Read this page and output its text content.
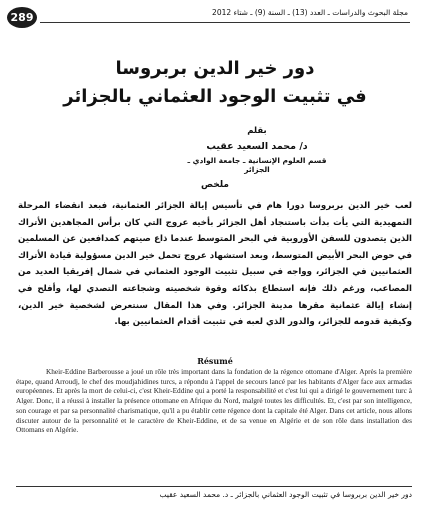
289	مجلة البحوث والدراسات ـ العدد (13) ـ السنة (9) ـ شتاء 2012
دور خير الدين بربروسا
في تثبيت الوجود العثماني بالجزائر
بقلم
د/ محمد السعيد عقيب
قسم العلوم الإنسانية ـ جامعة الوادي ـ الجزائر
ملخص
لعب خير الدين بربروسا دورا هام في تأسيس إيالة الجزائر العثمانية، فبعد انقضاء المرحلة التمهيدية التي يأت بدأت باستنجاد أهل الجزائر بأخيه عروج التي كان برأس المجاهدين الأتراك الذين يتصدون للسفن الأوروبية في البحر المتوسط عندما ذاع صيتهم كمدافعين عن المسلمين في حوض البحر الأبيض المتوسط، وبعد استشهاد عروج تحمل خير الدين مسؤولية قيادة الأتراك العثمانيين في الجزائر، وواجه في سبيل تثبيت الوجود العثماني في شمال إفريقيا العديد من المصاعب، ورغم ذلك فإنه استطاع بذكائه وقوة شخصيته وشجاعته التصدي لها، وأفلح في إنشاء إيالة عثمانية مقرها مدينة الجزائر. وفي هذا المقال سنتعرض لشخصية خير الدين، وكيفية قدومه للجزائر، والدور الذي لعبه في تثبيت أقدام العثمانيين بها.
Résumé
Kheir-Eddine Barberousse a joué un rôle très important dans la fondation de la régence ottomane d'Alger. Après la première étape, quand Arroudj, le chef des moudjahidines turcs, a répondu à l'appel de secours lancé par les habitants d'Alger face aux armadas européennes. Et après la mort de celui-ci, c'est Kheir-Eddine qui a porté la responsabilité et c'est lui qui a dirigé le gouvernement turc à Alger. Donc, il a réussi à installer la présence ottomane en Afrique du Nord, malgré toutes les difficultés. Et, c'est par son intelligence, son courage et par sa personnalité charismatique, qu'il a pu établir cette régence dont la capitale été Alger. Dans cet article, nous allons discuter autour de la personnalité et le caractère de Kheir-Eddine, et de sa venue en Algérie et de son rôle dans installation des Ottomans en Algérie.
دور خير الدين بربروسا في تثبيت الوجود العثماني بالجزائر ـ د. محمد السعيد عقيب
